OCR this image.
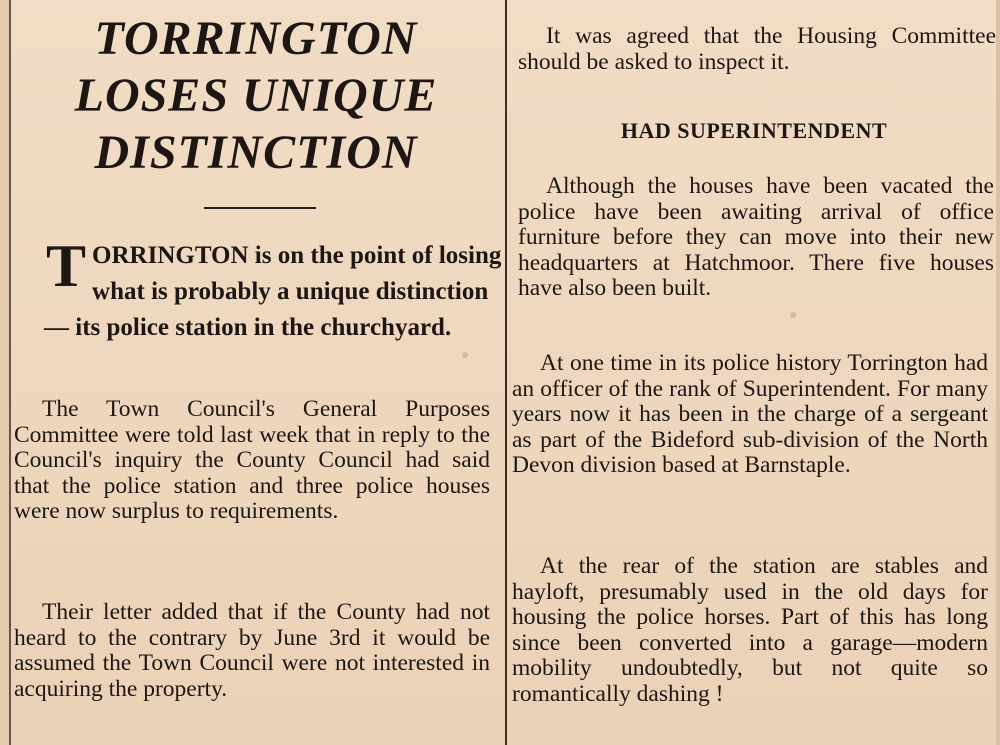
TORRINGTON
LOSES UNIQUE
DISTINCTION

TORRINGTON is on the point of losing what is probably a unique distinction — its police station in the churchyard.

The Town Council's General Purposes Committee were told last week that in reply to the Council's inquiry the County Council had said that the police station and three police houses were now surplus to requirements.

Their letter added that if the County had not heard to the contrary by June 3rd it would be assumed the Town Council were not interested in acquiring the property.

It was agreed that the Housing Committee should be asked to inspect it.

HAD SUPERINTENDENT

Although the houses have been vacated the police have been awaiting arrival of office furniture before they can move into their new headquarters at Hatchmoor. There five houses have also been built.

At one time in its police history Torrington had an officer of the rank of Superintendent. For many years now it has been in the charge of a sergeant as part of the Bideford sub-division of the North Devon division based at Barnstaple.

At the rear of the station are stables and hayloft, presumably used in the old days for housing the police horses. Part of this has long since been converted into a garage—modern mobility undoubtedly, but not quite so romantically dashing !
